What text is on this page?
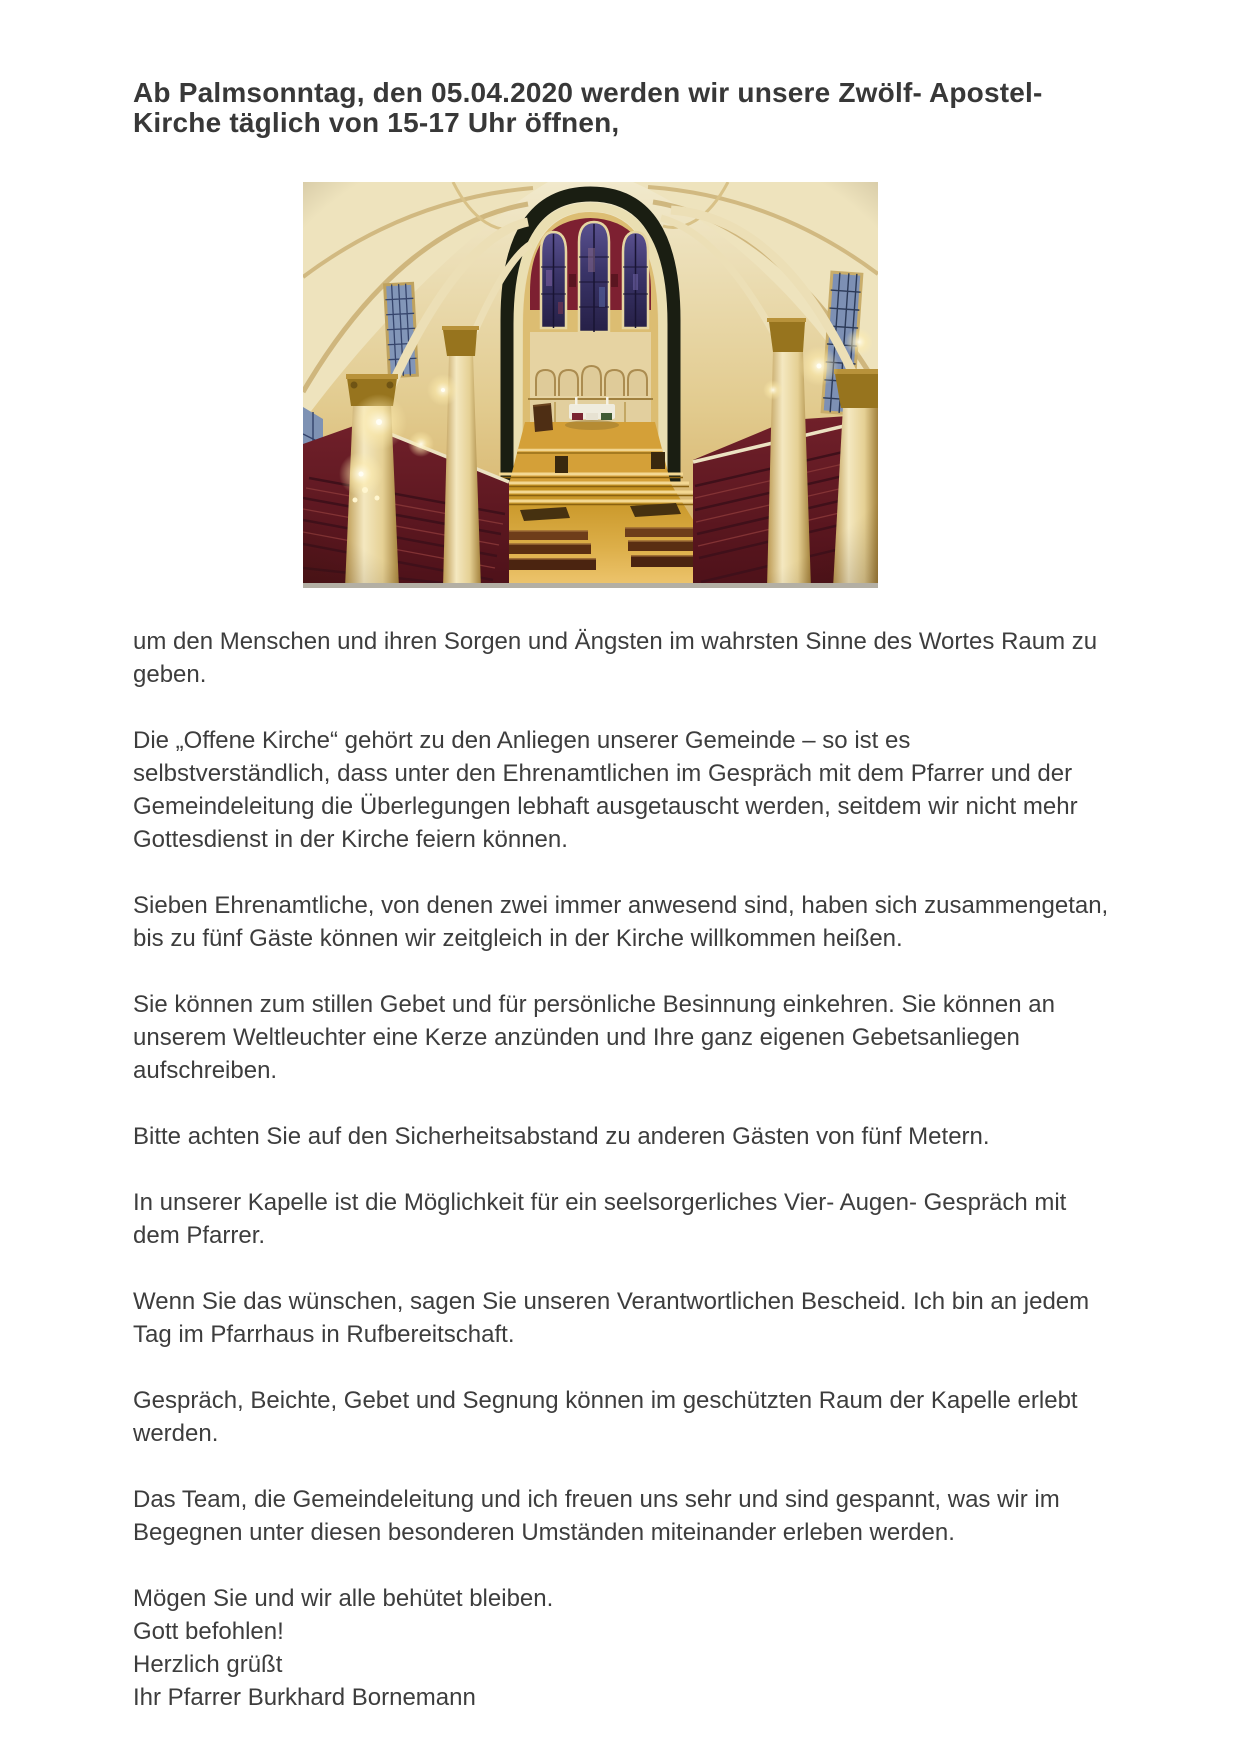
Ab Palmsonntag, den 05.04.2020 werden wir unsere Zwölf- Apostel-
Kirche täglich von 15-17 Uhr öffnen,

um den Menschen und ihren Sorgen und Ängsten im wahrsten Sinne des Wortes Raum zu geben.

Die „Offene Kirche“ gehört zu den Anliegen unserer Gemeinde – so ist es selbstverständlich, dass unter den Ehrenamtlichen im Gespräch mit dem Pfarrer und der Gemeindeleitung die Überlegungen lebhaft ausgetauscht werden, seitdem wir nicht mehr Gottesdienst in der Kirche feiern können.

Sieben Ehrenamtliche, von denen zwei immer anwesend sind, haben sich zusammengetan, bis zu fünf Gäste können wir zeitgleich in der Kirche willkommen heißen.

Sie können zum stillen Gebet und für persönliche Besinnung einkehren. Sie können an unserem Weltleuchter eine Kerze anzünden und Ihre ganz eigenen Gebetsanliegen aufschreiben.

Bitte achten Sie auf den Sicherheitsabstand zu anderen Gästen von fünf Metern.

In unserer Kapelle ist die Möglichkeit für ein seelsorgerliches Vier- Augen- Gespräch mit dem Pfarrer.

Wenn Sie das wünschen, sagen Sie unseren Verantwortlichen Bescheid. Ich bin an jedem Tag im Pfarrhaus in Rufbereitschaft.

Gespräch, Beichte, Gebet und Segnung können im geschützten Raum der Kapelle erlebt werden.

Das Team, die Gemeindeleitung und ich freuen uns sehr und sind gespannt, was wir im Begegnen unter diesen besonderen Umständen miteinander erleben werden.

Mögen Sie und wir alle behütet bleiben.
Gott befohlen!
Herzlich grüßt
Ihr Pfarrer Burkhard Bornemann
